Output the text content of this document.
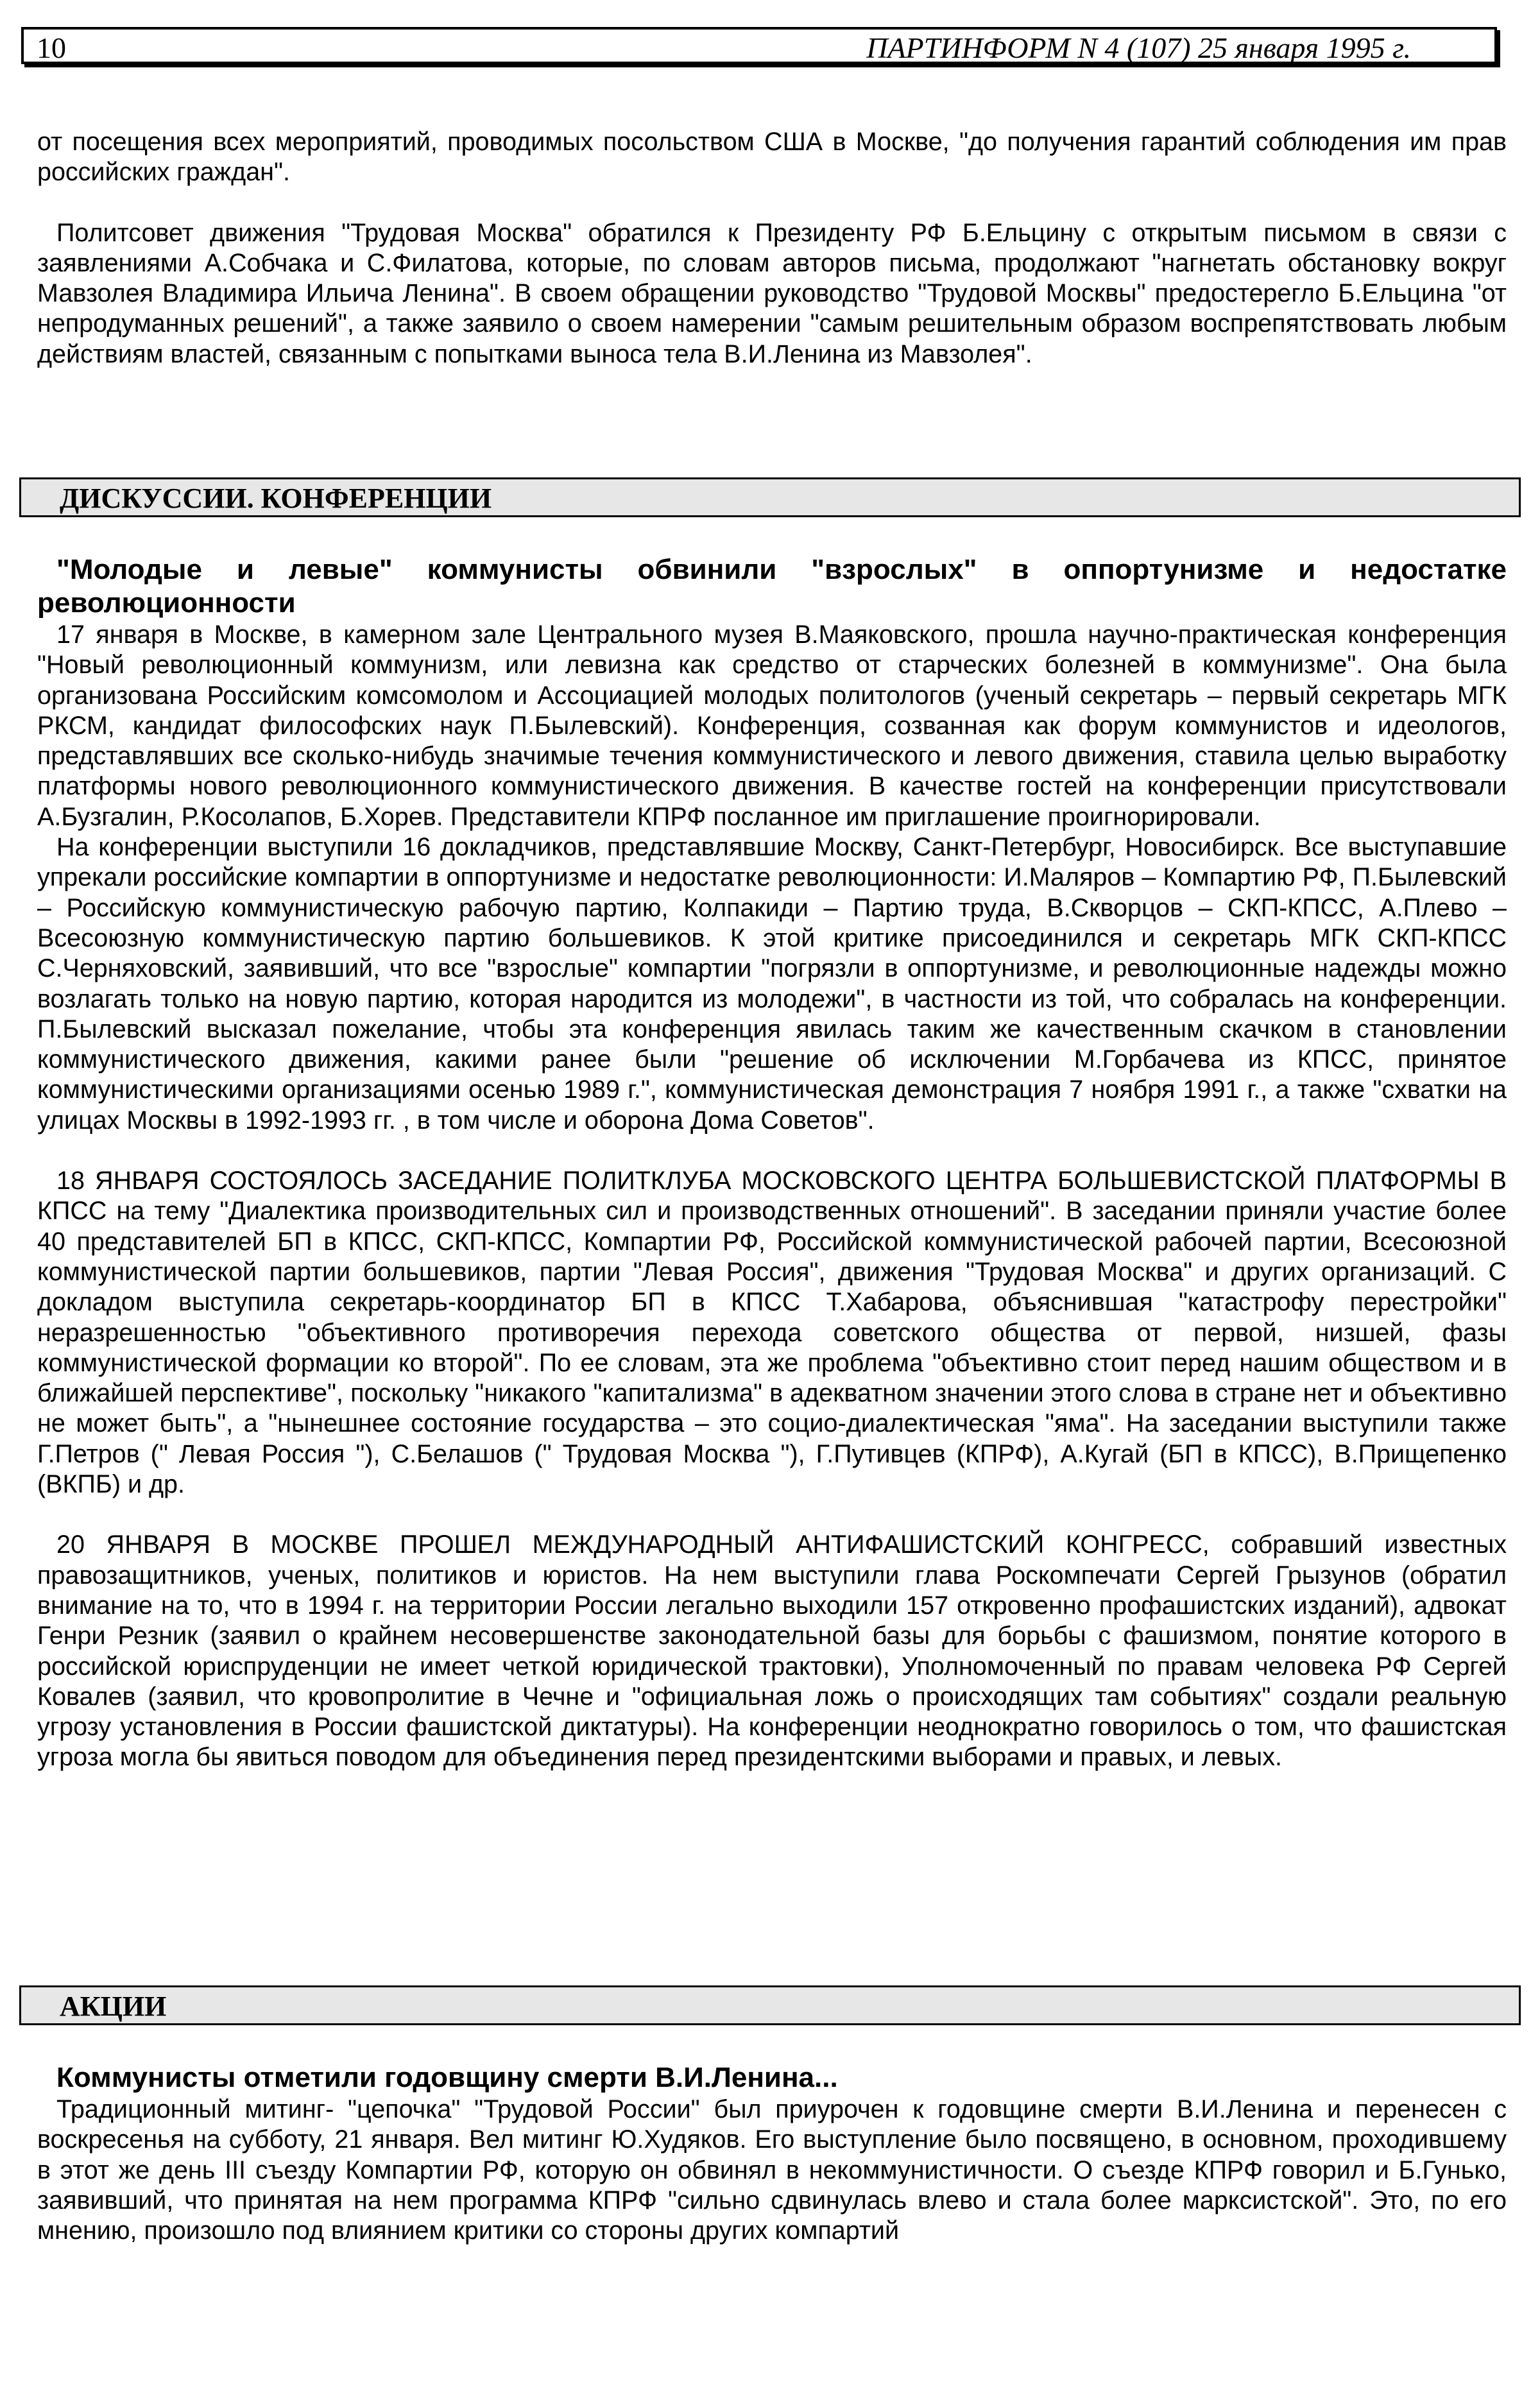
10	ПАРТИНФОРМ N 4 (107) 25 января 1995 г.

от посещения всех мероприятий, проводимых посольством США в Москве, "до получения гарантий соблюдения им прав российских граждан".

Политсовет движения "Трудовая Москва" обратился к Президенту РФ Б.Ельцину с открытым письмом в связи с заявлениями А.Собчака и С.Филатова, которые, по словам авторов письма, продолжают "нагнетать обстановку вокруг Мавзолея Владимира Ильича Ленина". В своем обращении руководство "Трудовой Москвы" предостерегло Б.Ельцина "от непродуманных решений", а также заявило о своем намерении "самым решительным образом воспрепятствовать любым действиям властей, связанным с попытками выноса тела В.И.Ленина из Мавзолея".

ДИСКУССИИ. КОНФЕРЕНЦИИ

"Молодые и левые" коммунисты обвинили "взрослых" в оппортунизме и недостатке революционности

17 января в Москве, в камерном зале Центрального музея В.Маяковского, прошла научно-практическая конференция "Новый революционный коммунизм, или левизна как средство от старческих болезней в коммунизме". Она была организована Российским комсомолом и Ассоциацией молодых политологов (ученый секретарь – первый секретарь МГК РКСМ, кандидат философских наук П.Былевский). Конференция, созванная как форум коммунистов и идеологов, представлявших все сколько-нибудь значимые течения коммунистического и левого движения, ставила целью выработку платформы нового революционного коммунистического движения. В качестве гостей на конференции присутствовали А.Бузгалин, Р.Косолапов, Б.Хорев. Представители КПРФ посланное им приглашение проигнорировали.

На конференции выступили 16 докладчиков, представлявшие Москву, Санкт-Петербург, Новосибирск. Все выступавшие упрекали российские компартии в оппортунизме и недостатке революционности: И.Маляров – Компартию РФ, П.Былевский – Российскую коммунистическую рабочую партию, Колпакиди – Партию труда, В.Скворцов – СКП-КПСС, А.Плево – Всесоюзную коммунистическую партию большевиков. К этой критике присоединился и секретарь МГК СКП-КПСС С.Черняховский, заявивший, что все "взрослые" компартии "погрязли в оппортунизме, и революционные надежды можно возлагать только на новую партию, которая народится из молодежи", в частности из той, что собралась на конференции. П.Былевский высказал пожелание, чтобы эта конференция явилась таким же качественным скачком в становлении коммунистического движения, какими ранее были "решение об исключении М.Горбачева из КПСС, принятое коммунистическими организациями осенью 1989 г.", коммунистическая демонстрация 7 ноября 1991 г., а также "схватки на улицах Москвы в 1992-1993 гг. , в том числе и оборона Дома Советов".

18 ЯНВАРЯ СОСТОЯЛОСЬ ЗАСЕДАНИЕ ПОЛИТКЛУБА МОСКОВСКОГО ЦЕНТРА БОЛЬШЕВИСТСКОЙ ПЛАТФОРМЫ В КПСС на тему "Диалектика производительных сил и производственных отношений". В заседании приняли участие более 40 представителей БП в КПСС, СКП-КПСС, Компартии РФ, Российской коммунистической рабочей партии, Всесоюзной коммунистической партии большевиков, партии "Левая Россия", движения "Трудовая Москва" и других организаций. С докладом выступила секретарь-координатор БП в КПСС Т.Хабарова, объяснившая "катастрофу перестройки" неразрешенностью "объективного противоречия перехода советского общества от первой, низшей, фазы коммунистической формации ко второй". По ее словам, эта же проблема "объективно стоит перед нашим обществом и в ближайшей перспективе", поскольку "никакого "капитализма" в адекватном значении этого слова в стране нет и объективно не может быть", а "нынешнее состояние государства – это социо-диалектическая "яма". На заседании выступили также Г.Петров (" Левая Россия "), С.Белашов (" Трудовая Москва "), Г.Путивцев (КПРФ), А.Кугай (БП в КПСС), В.Прищепенко (ВКПБ) и др.

20 ЯНВАРЯ В МОСКВЕ ПРОШЕЛ МЕЖДУНАРОДНЫЙ АНТИФАШИСТСКИЙ КОНГРЕСС, собравший известных правозащитников, ученых, политиков и юристов. На нем выступили глава Роскомпечати Сергей Грызунов (обратил внимание на то, что в 1994 г. на территории России легально выходили 157 откровенно профашистских изданий), адвокат Генри Резник (заявил о крайнем несовершенстве законодательной базы для борьбы с фашизмом, понятие которого в российской юриспруденции не имеет четкой юридической трактовки), Уполномоченный по правам человека РФ Сергей Ковалев (заявил, что кровопролитие в Чечне и "официальная ложь о происходящих там событиях" создали реальную угрозу установления в России фашистской диктатуры). На конференции неоднократно говорилось о том, что фашистская угроза могла бы явиться поводом для объединения перед президентскими выборами и правых, и левых.

АКЦИИ

Коммунисты отметили годовщину смерти В.И.Ленина...

Традиционный митинг- "цепочка" "Трудовой России" был приурочен к годовщине смерти В.И.Ленина и перенесен с воскресенья на субботу, 21 января. Вел митинг Ю.Худяков. Его выступление было посвящено, в основном, проходившему в этот же день III съезду Компартии РФ, которую он обвинял в некоммунистичности. О съезде КПРФ говорил и Б.Гунько, заявивший, что принятая на нем программа КПРФ "сильно сдвинулась влево и стала более марксистской". Это, по его мнению, произошло под влиянием критики со стороны других компартий
